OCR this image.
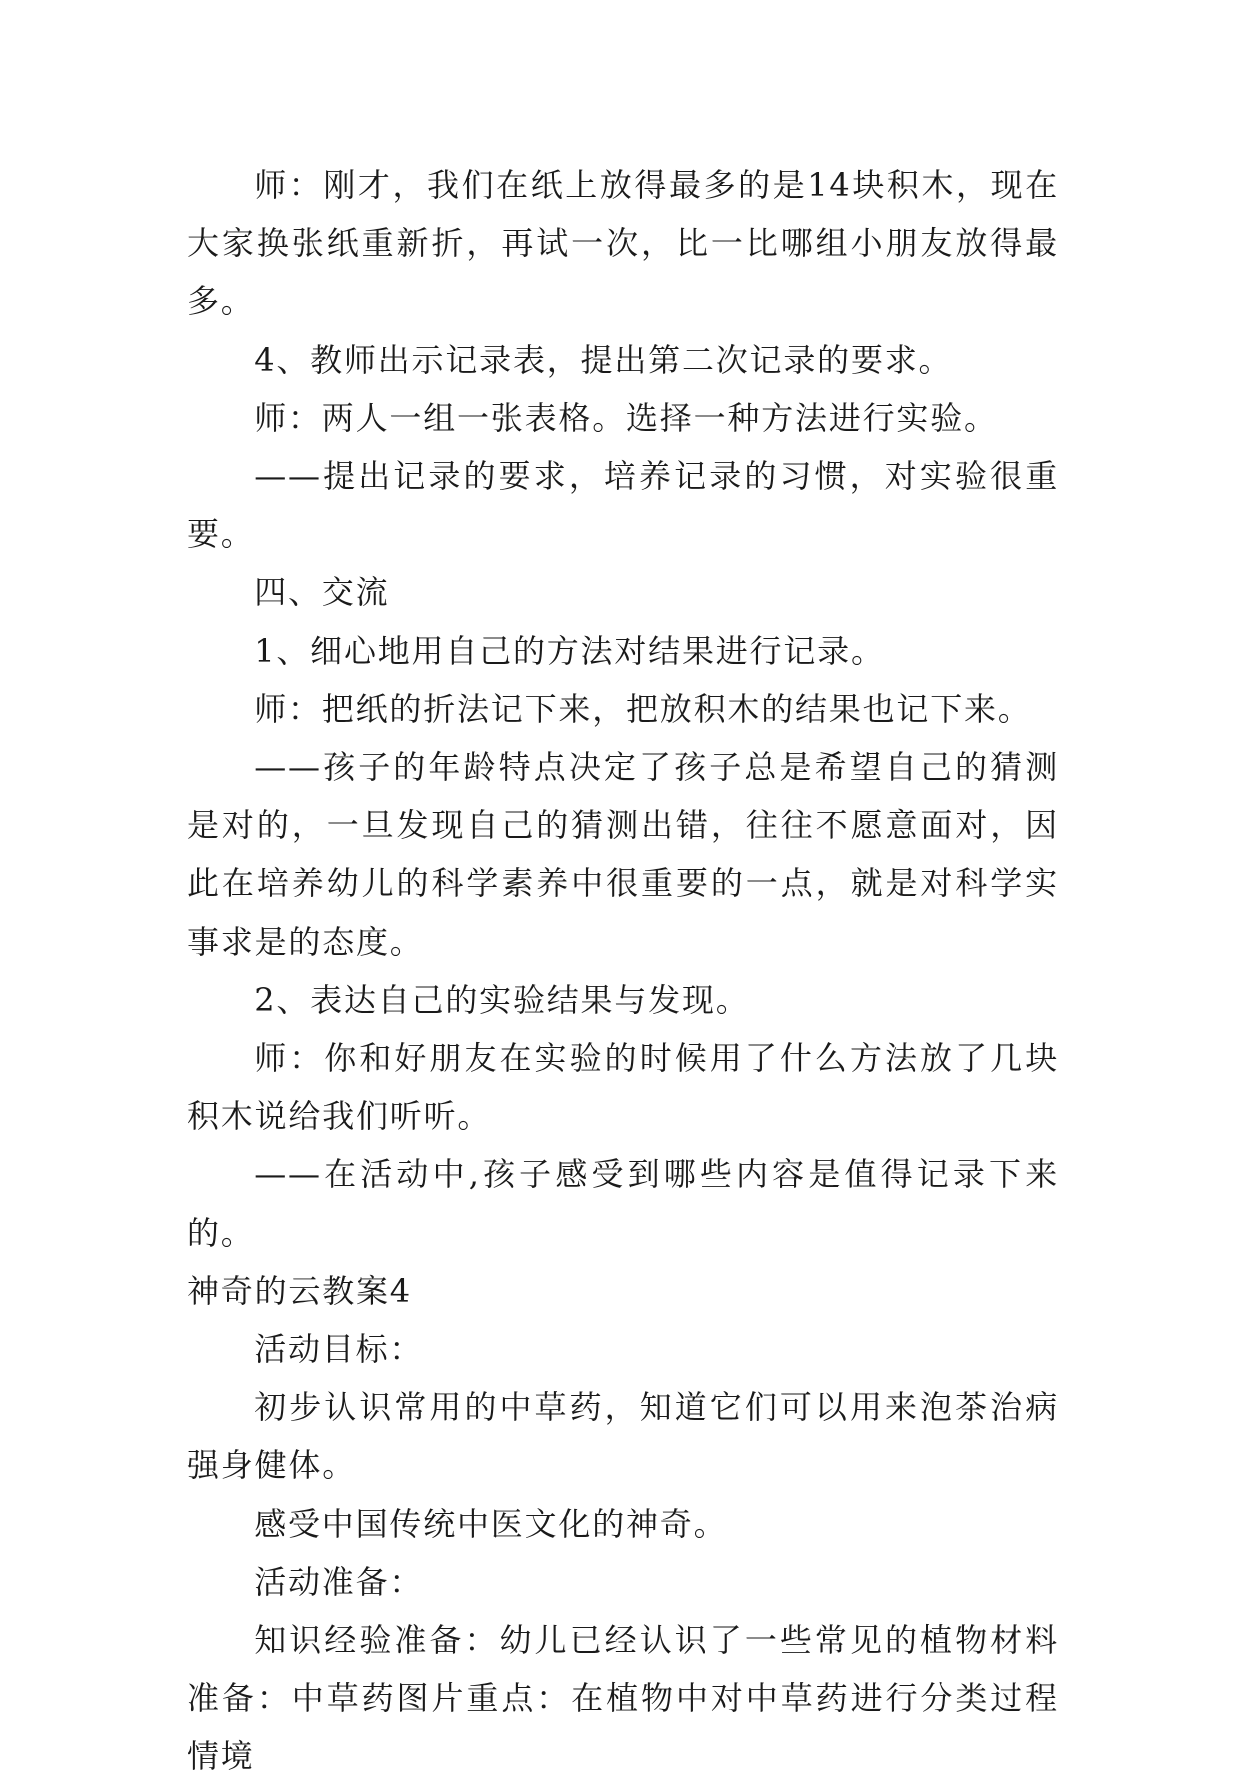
师：刚才，我们在纸上放得最多的是14块积木，现在大家换张纸重新折，再试一次，比一比哪组小朋友放得最多。

4、教师出示记录表，提出第二次记录的要求。

师：两人一组一张表格。选择一种方法进行实验。

——提出记录的要求，培养记录的习惯，对实验很重要。

四、交流

1、细心地用自己的方法对结果进行记录。

师：把纸的折法记下来，把放积木的结果也记下来。

——孩子的年龄特点决定了孩子总是希望自己的猜测是对的，一旦发现自己的猜测出错，往往不愿意面对，因此在培养幼儿的科学素养中很重要的一点，就是对科学实事求是的态度。

2、表达自己的实验结果与发现。

师：你和好朋友在实验的时候用了什么方法放了几块积木说给我们听听。

——在活动中,孩子感受到哪些内容是值得记录下来的。

神奇的云教案4

活动目标：

初步认识常用的中草药，知道它们可以用来泡茶治病强身健体。

感受中国传统中医文化的神奇。

活动准备：

知识经验准备：幼儿已经认识了一些常见的植物材料准备：中草药图片重点：在植物中对中草药进行分类过程情境
